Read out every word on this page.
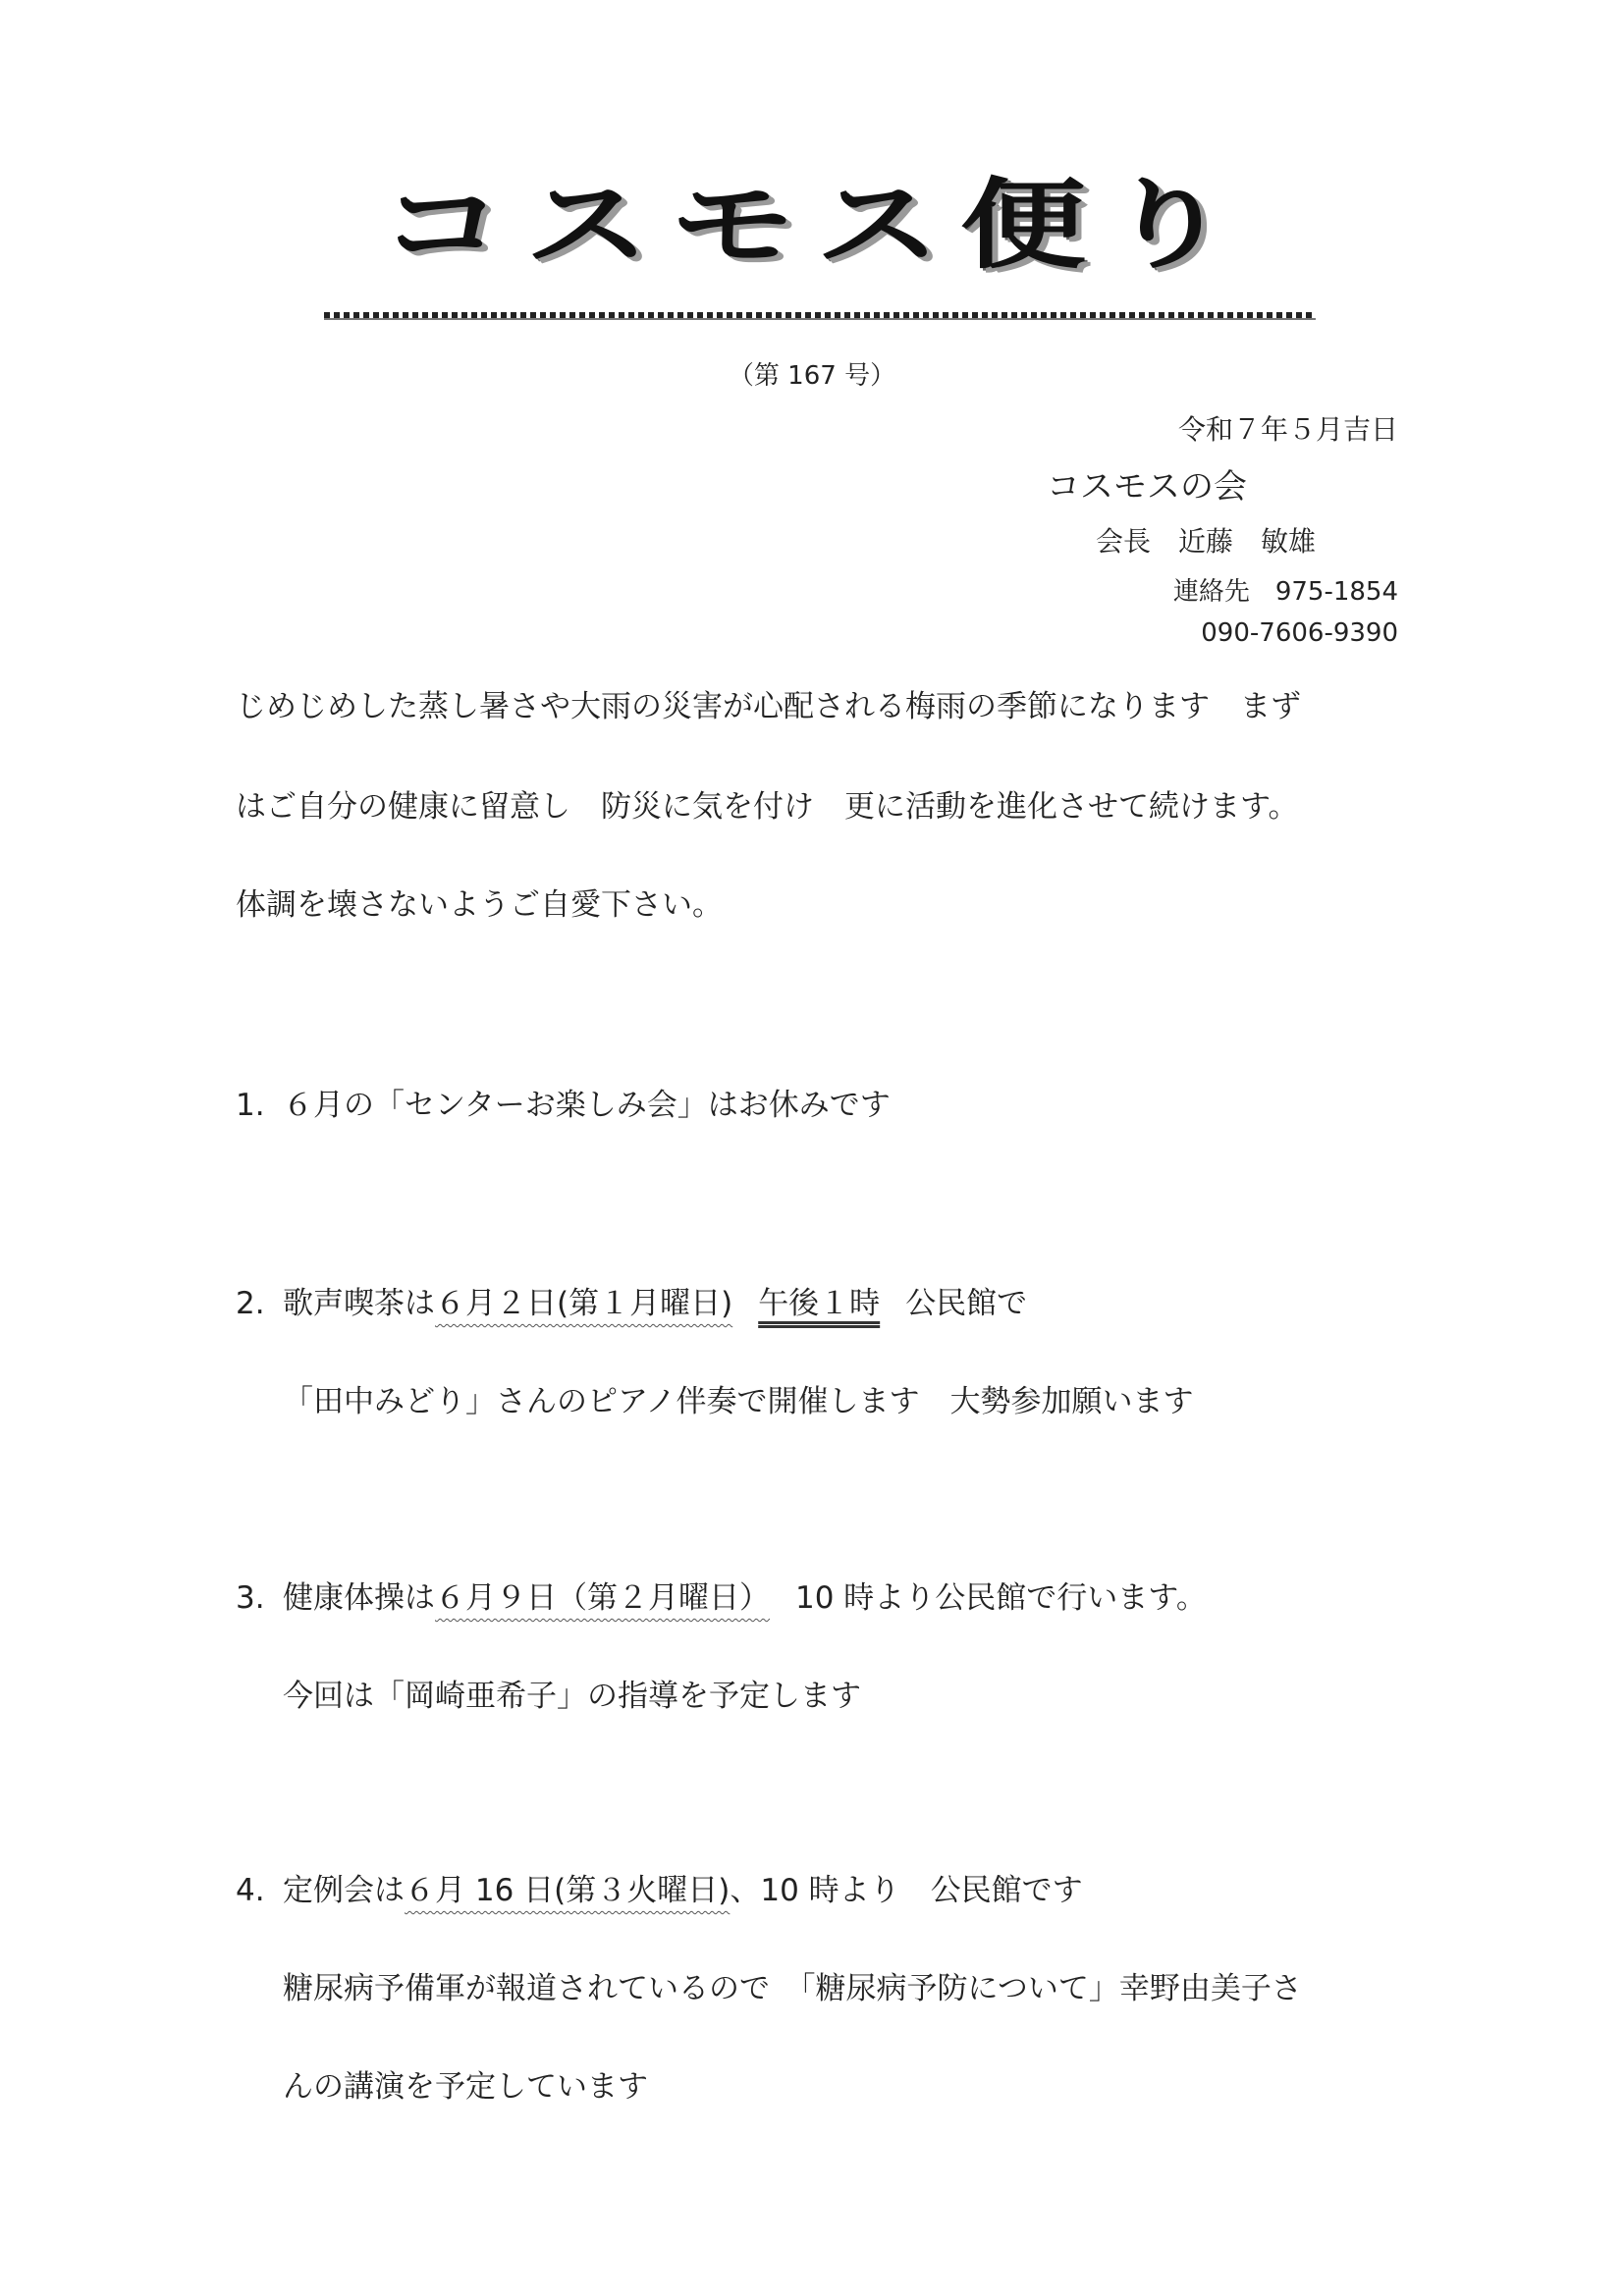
コスモス便り
（第 167 号）
令和７年５月吉日
コスモスの会
会長　近藤　敏雄
連絡先　975-1854
090-7606-9390
じめじめした蒸し暑さや大雨の災害が心配される梅雨の季節になります　まず
はご自分の健康に留意し　防災に気を付け　更に活動を進化させて続けます。
体調を壊さないようご自愛下さい。
1. ６月の「センターお楽しみ会」はお休みです
2. 歌声喫茶は６月２日(第１月曜日) 午後１時 公民館で
「田中みどり」さんのピアノ伴奏で開催します　大勢参加願います
3. 健康体操は６月９日（第２月曜日） 10 時より公民館で行います。
今回は「岡崎亜希子」の指導を予定します
4. 定例会は６月 16 日(第３火曜日)、10 時より　公民館です
糖尿病予備軍が報道されているので　「糖尿病予防について」幸野由美子さ
んの講演を予定しています
